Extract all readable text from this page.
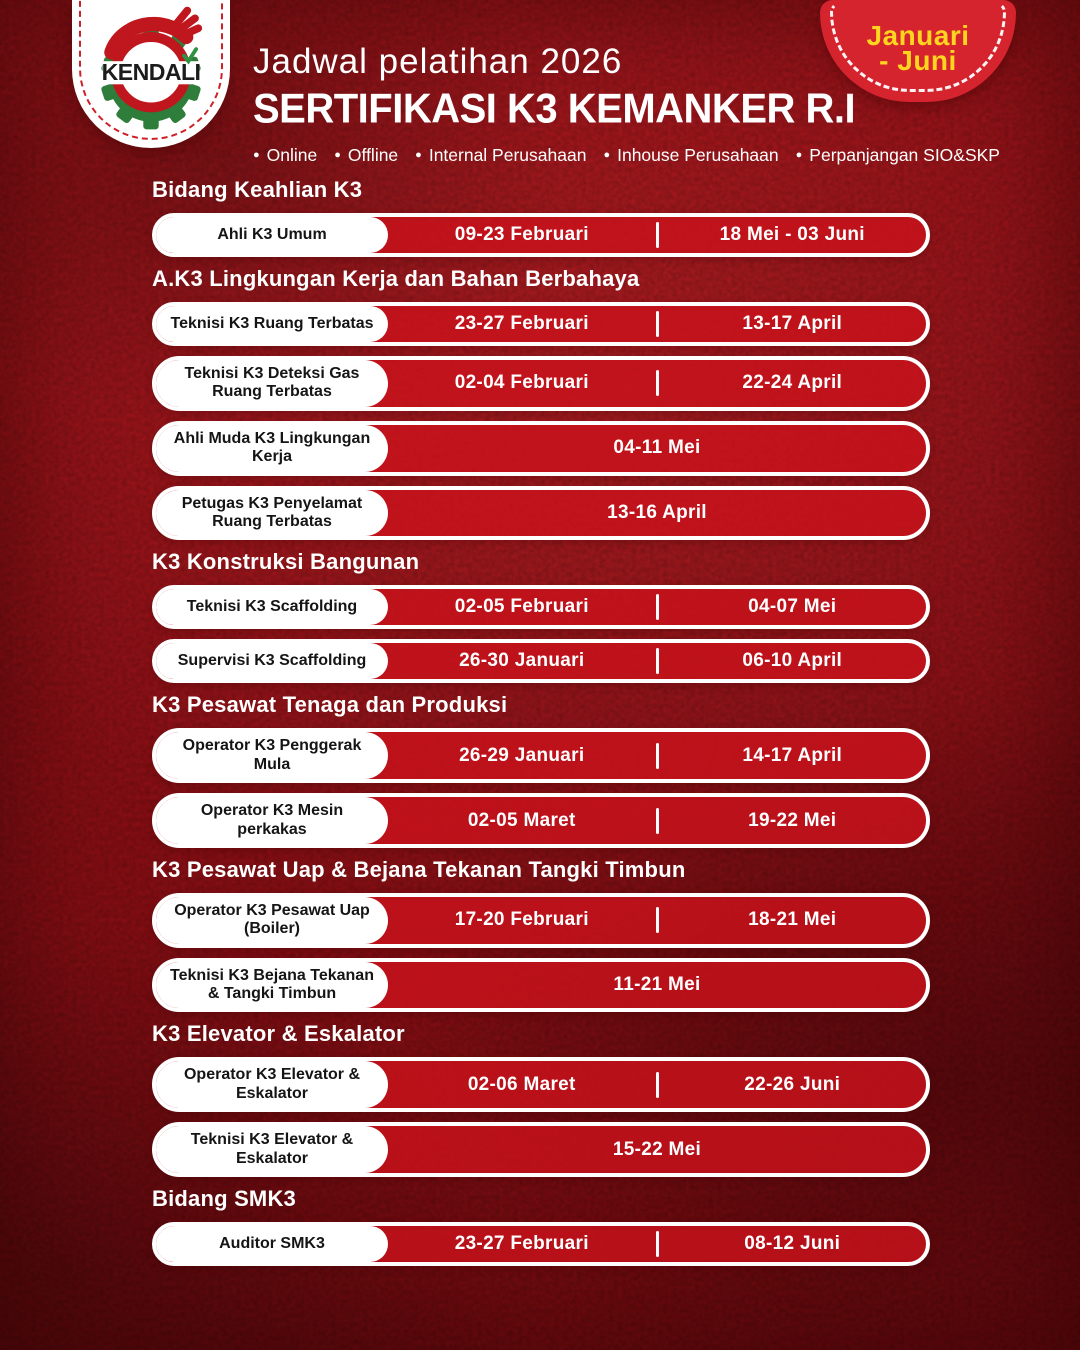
KENDALI
Januari
- Juni
Jadwal pelatihan 2026
SERTIFIKASI K3 KEMANKER R.I
● Online ● Offline ● Internal Perusahaan ● Inhouse Perusahaan ● Perpanjangan SIO&SKP
Bidang Keahlian K3
Ahli K3 Umum	09-23 Februari	18 Mei - 03 Juni
A.K3 Lingkungan Kerja dan Bahan Berbahaya
Teknisi K3 Ruang Terbatas	23-27 Februari	13-17 April
Teknisi K3 Deteksi Gas Ruang Terbatas	02-04 Februari	22-24 April
Ahli Muda K3 Lingkungan Kerja	04-11 Mei
Petugas K3 Penyelamat Ruang Terbatas	13-16 April
K3 Konstruksi Bangunan
Teknisi K3 Scaffolding	02-05 Februari	04-07 Mei
Supervisi K3 Scaffolding	26-30 Januari	06-10 April
K3 Pesawat Tenaga dan Produksi
Operator K3 Penggerak Mula	26-29 Januari	14-17 April
Operator K3 Mesin perkakas	02-05 Maret	19-22 Mei
K3 Pesawat Uap & Bejana Tekanan Tangki Timbun
Operator K3 Pesawat Uap (Boiler)	17-20 Februari	18-21 Mei
Teknisi K3 Bejana Tekanan & Tangki Timbun	11-21 Mei
K3 Elevator & Eskalator
Operator K3 Elevator & Eskalator	02-06 Maret	22-26 Juni
Teknisi K3 Elevator & Eskalator	15-22 Mei
Bidang SMK3
Auditor SMK3	23-27 Februari	08-12 Juni
